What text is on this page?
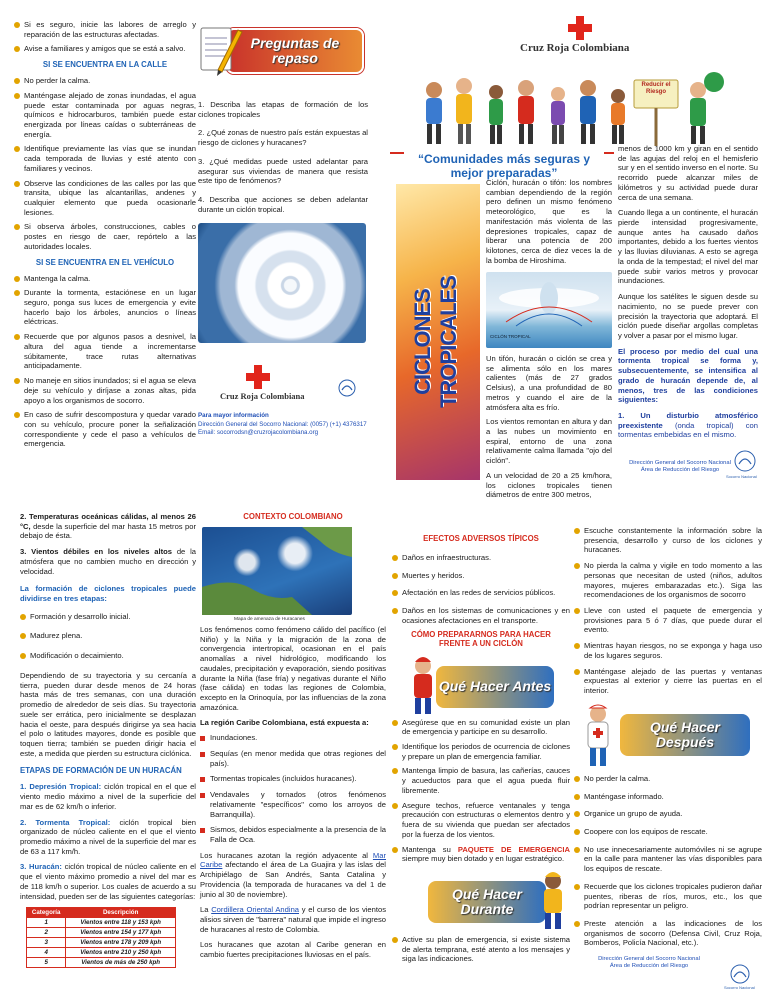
Si es seguro, inicie las labores de arreglo y reparación de las estructuras afectadas.
Avise a familiares y amigos que se está a salvo.
SI SE ENCUENTRA EN LA CALLE
No perder la calma.
Manténgase alejado de zonas inundadas, el agua puede estar contaminada por aguas negras, químicos e hidrocarburos, también puede estar energizada por líneas caídas o subterráneas de energía.
Identifique previamente las vías que se inundan cada temporada de lluvias y esté atento con familiares y vecinos.
Observe las condiciones de las calles por las que transita, ubique las alcantarillas, andenes y cualquier elemento que pueda ocasionarle lesiones.
Si observa árboles, construcciones, cables o postes en riesgo de caer, repórtelo a las autoridades locales.
SI SE ENCUENTRA EN EL VEHÍCULO
Mantenga la calma.
Durante la tormenta, estaciónese en un lugar seguro, ponga sus luces de emergencia y evite hacerlo bajo los árboles, anuncios o líneas eléctricas.
Recuerde que por algunos pasos a desnivel, la altura del agua tiende a incrementarse súbitamente, trace rutas alternativas anticipadamente.
No maneje en sitios inundados; si el agua se eleva deje su vehículo y diríjase a zonas altas, pida apoyo a los organismos de socorro.
En caso de sufrir descompostura y quedar varado con su vehículo, procure poner la señalización correspondiente y cede el paso a vehículos de emergencia.
Preguntas de repaso

1. Describa las etapas de formación de los ciclones tropicales

2. ¿Qué zonas de nuestro país están expuestas al riesgo de ciclones y huracanes?

3. ¿Qué medidas puede usted adelantar para asegurar sus viviendas de manera que resista este tipo de fenómenos?

4. Describa que acciones se deben adelantar durante un ciclón tropical.

Cruz Roja Colombiana
Para mayor información
Dirección General del Socorro Nacional: (0057) (+1) 4376317
Email: socorrodsn@cruzrojacolombiana.org
Cruz Roja Colombiana
Reducir el Riesgo
“Comunidades más seguras y mejor preparadas”
CICLONES TROPICALES
Ciclón, huracán o tifón: los nombres cambian dependiendo de la región pero definen un mismo fenómeno meteorológico, que es la manifestación más violenta de las depresiones tropicales, capaz de liberar una potencia de 200 kilotones, cerca de diez veces la de la bomba de Hiroshima.
CICLÓN TROPICAL

Un tifón, huracán o ciclón se crea y se alimenta sólo en los mares calientes (más de 27 grados Celsius), a una profundidad de 80 metros y cuando el aire de la atmósfera alta es frío.

Los vientos remontan en altura y dan a las nubes un movimiento en espiral, entorno de una zona relativamente calma llamada "ojo del ciclón".

A un velocidad de 20 a 25 km/hora, los ciclones tropicales tienen diámetros de entre 300 metros,

menos de 1000 km y giran en el sentido de las agujas del reloj en el hemisferio sur y en el sentido inverso en el norte. Su recorrido puede alcanzar miles de kilómetros y su actividad puede durar cerca de una semana.

Cuando llega a un continente, el huracán pierde intensidad progresivamente, aunque antes ha causado daños importantes, debido a los fuertes vientos y las lluvias diluvianas. A esto se agrega la onda de la tempestad; el nivel del mar puede subir varios metros y provocar inundaciones.

Aunque los satélites le siguen desde su nacimiento, no se puede prever con precisión la trayectoria que adoptará. El ciclón puede diseñar argollas completas y volver a pasar por el mismo lugar.

El proceso por medio del cual una tormenta tropical se forma y, subsecuentemente, se intensifica al grado de huracán depende de, al menos, tres de las condiciones siguientes:

1. Un disturbio atmosférico preexistente (onda tropical) con tormentas embebidas en el mismo.

Dirección General del Socorro Nacional
Área de Reducción del Riesgo
Socorro Nacional

2. Temperaturas oceánicas cálidas, al menos 26 °C, desde la superficie del mar hasta 15 metros por debajo de ésta.

3. Vientos débiles en los niveles altos de la atmósfera que no cambien mucho en dirección y velocidad.

La formación de ciclones tropicales puede dividirse en tres etapas:

Formación y desarrollo inicial.
Madurez plena.
Modificación o decaimiento.

Dependiendo de su trayectoria y su cercanía a tierra, pueden durar desde menos de 24 horas hasta más de tres semanas, con una duración promedio de alrededor de seis días. Su trayectoria suele ser errática, pero inicialmente se desplazan hacia el oeste, para después dirigirse ya sea hacia el polo o latitudes mayores, donde es posible que toquen tierra; también se pueden dirigir hacia el este, a medida que pierden su estructura ciclónica.

ETAPAS DE FORMACIÓN DE UN HURACÁN

1. Depresión Tropical: ciclón tropical en el que el viento medio máximo a nivel de la superficie del mar es de 62 km/h o inferior.

2. Tormenta Tropical: ciclón tropical bien organizado de núcleo caliente en el que el viento promedio máximo a nivel de la superficie del mar es de 63 a 117 km/h.

3. Huracán: ciclón tropical de núcleo caliente en el que el viento máximo promedio a nivel del mar es de 118 km/h o superior. Los cuales de acuerdo a su intensidad, pueden ser de las siguientes categorías:

Categoría	Descripción
1	Vientos entre 118 y 153 kph
2	Vientos entre 154 y 177 kph
3	Vientos entre 178 y 209 kph
4	Vientos entre 210 y 250 kph
5	Vientos de más de 250 kph
CONTEXTO COLOMBIANO
Mapa de amenaza de Huracanes

Los fenómenos como fenómeno cálido del pacífico (el Niño) y la Niña y la migración de la zona de convergencia intertropical, ocasionan en el país anomalías a nivel hidrológico, modificando los caudales, precipitación y evaporación, siendo positivas durante la Niña (fase fría) y negativas durante el Niño (fase cálida) en todas las regiones de Colombia, excepto en la Orinoquía, por las influencias de la zona amazónica.

La región Caribe Colombiana, está expuesta a:

Inundaciones.
Sequías (en menor medida que otras regiones del país).
Tormentas tropicales (incluidos huracanes).
Vendavales y tornados (otros fenómenos relativamente "específicos" como los arroyos de Barranquilla).
Sismos, debidos especialmente a la presencia de la Falla de Oca.

Los huracanes azotan la región adyacente al Mar Caribe afectando el área de La Guajira y las islas del Archipiélago de San Andrés, Santa Catalina y Providencia (la temporada de huracanes va del 1 de junio al 30 de noviembre).

La Cordillera Oriental Andina y el curso de los vientos alisios sirven de "barrera" natural que impide el ingreso de huracanes al resto de Colombia.

Los huracanes que azotan al Caribe generan en cambio fuertes precipitaciones lluviosas en el país.

EFECTOS ADVERSOS TÍPICOS
Daños en infraestructuras.
Muertes y heridos.
Afectación en las redes de servicios públicos.
Daños en los sistemas de comunicaciones y en ocasiones afectaciones en el transporte.
CÓMO PREPARARNOS PARA HACER FRENTE A UN CICLÓN
Qué Hacer Antes
Asegúrese que en su comunidad existe un plan de emergencia y participe en su desarrollo.
Identifique los periodos de ocurrencia de ciclones y prepare un plan de emergencia familiar.
Mantenga limpio de basura, las cañerías, cauces y acueductos para que el agua pueda fluir libremente.
Asegure techos, refuerce ventanales y tenga precaución con estructuras o elementos dentro y fuera de su vivienda que puedan ser afectados por la fuerza de los vientos.
Mantenga su PAQUETE DE EMERGENCIA siempre muy bien dotado y en lugar estratégico.
Qué Hacer Durante
Active su plan de emergencia, si existe sistema de alerta temprana, esté atento a los mensajes y siga las indicaciones.
Escuche constantemente la información sobre la presencia, desarrollo y curso de los ciclones y huracanes.
No pierda la calma y vigile en todo momento a las personas que necesitan de usted (niños, adultos mayores, mujeres embarazadas etc.). Siga las recomendaciones de los organismos de socorro
Lleve con usted el paquete de emergencia y provisiones para 5 ó 7 días, que puede durar el evento.
Mientras hayan riesgos, no se exponga y haga uso de los lugares seguros.
Manténgase alejado de las puertas y ventanas expuestas al exterior y cierre las puertas en el interior.
Qué Hacer Después
No perder la calma.
Manténgase informado.
Organice un grupo de ayuda.
Coopere con los equipos de rescate.
No use innecesariamente automóviles ni se agrupe en la calle para mantener las vías disponibles para los equipos de rescate.
Recuerde que los ciclones tropicales pudieron dañar puentes, riberas de ríos, muros, etc., los que podrían representar un peligro.
Preste atención a las indicaciones de los organismos de socorro (Defensa Civil, Cruz Roja, Bomberos, Policía Nacional, etc.).
Dirección General del Socorro Nacional
Área de Reducción del Riesgo
Socorro Nacional
